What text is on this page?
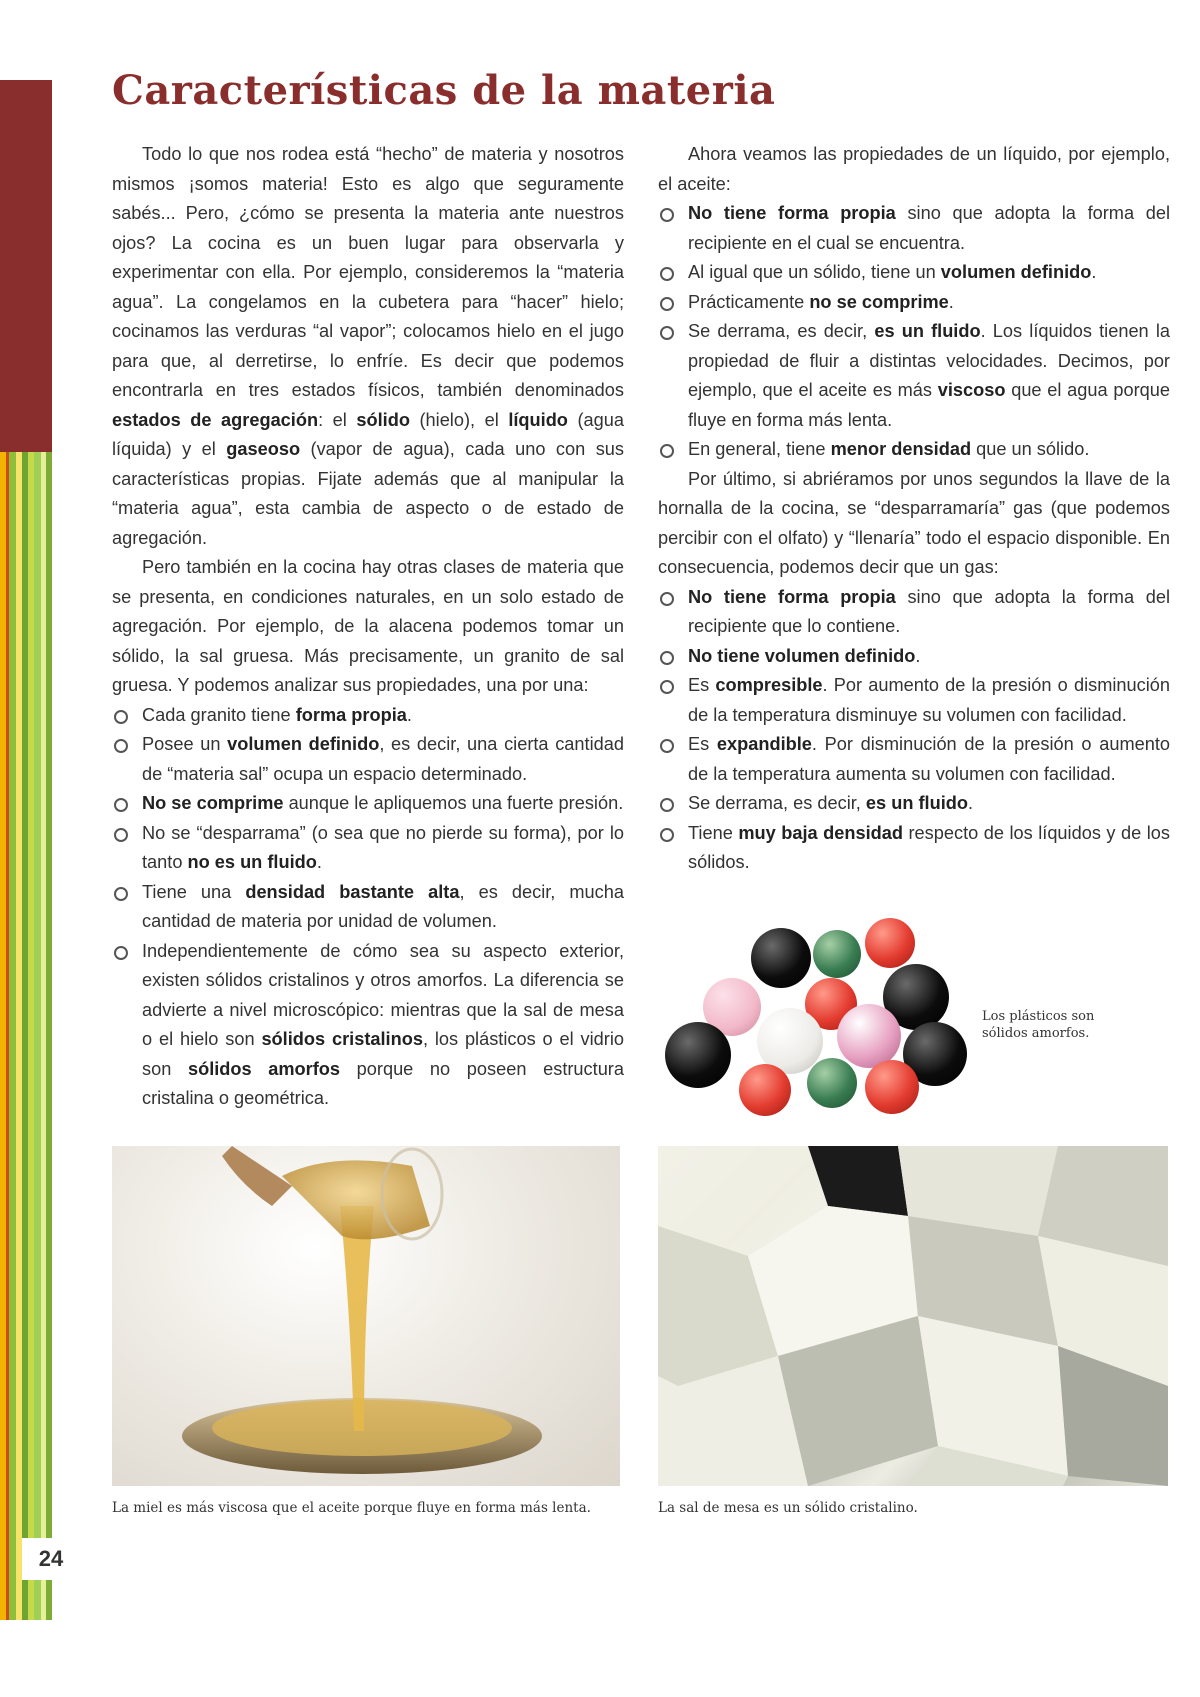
24
Características de la materia

Todo lo que nos rodea está “hecho” de materia y nosotros mismos ¡somos materia! Esto es algo que seguramente sabés... Pero, ¿cómo se presenta la materia ante nuestros ojos? La cocina es un buen lugar para observarla y experimentar con ella. Por ejemplo, consideremos la “materia agua”. La congelamos en la cubetera para “hacer” hielo; cocinamos las verduras “al vapor”; colocamos hielo en el jugo para que, al derretirse, lo enfríe. Es decir que podemos encontrarla en tres estados físicos, también denominados estados de agregación: el sólido (hielo), el líquido (agua líquida) y el gaseoso (vapor de agua), cada uno con sus características propias. Fijate además que al manipular la “materia agua”, esta cambia de aspecto o de estado de agregación.

Pero también en la cocina hay otras clases de materia que se presenta, en condiciones naturales, en un solo estado de agregación. Por ejemplo, de la alacena podemos tomar un sólido, la sal gruesa. Más precisamente, un granito de sal gruesa. Y podemos analizar sus propiedades, una por una:

Cada granito tiene forma propia.
Posee un volumen definido, es decir, una cierta cantidad de “materia sal” ocupa un espacio determinado.
No se comprime aunque le apliquemos una fuerte presión.
No se “desparrama” (o sea que no pierde su forma), por lo tanto no es un fluido.
Tiene una densidad bastante alta, es decir, mucha cantidad de materia por unidad de volumen.
Independientemente de cómo sea su aspecto exterior, existen sólidos cristalinos y otros amorfos. La diferencia se advierte a nivel microscópico: mientras que la sal de mesa o el hielo son sólidos cristalinos, los plásticos o el vidrio son sólidos amorfos porque no poseen estructura cristalina o geométrica.

Ahora veamos las propiedades de un líquido, por ejemplo, el aceite:

No tiene forma propia sino que adopta la forma del recipiente en el cual se encuentra.
Al igual que un sólido, tiene un volumen definido.
Prácticamente no se comprime.
Se derrama, es decir, es un fluido. Los líquidos tienen la propiedad de fluir a distintas velocidades. Decimos, por ejemplo, que el aceite es más viscoso que el agua porque fluye en forma más lenta.
En general, tiene menor densidad que un sólido.

Por último, si abriéramos por unos segundos la llave de la hornalla de la cocina, se “desparramaría” gas (que podemos percibir con el olfato) y “llenaría” todo el espacio disponible. En consecuencia, podemos decir que un gas:

No tiene forma propia sino que adopta la forma del recipiente que lo contiene.
No tiene volumen definido.
Es compresible. Por aumento de la presión o disminución de la temperatura disminuye su volumen con facilidad.
Es expandible. Por disminución de la presión o aumento de la temperatura aumenta su volumen con facilidad.
Se derrama, es decir, es un fluido.
Tiene muy baja densidad respecto de los líquidos y de los sólidos.
Los plásticos son sólidos amorfos.
La miel es más viscosa que el aceite porque fluye en forma más lenta.	La sal de mesa es un sólido cristalino.
